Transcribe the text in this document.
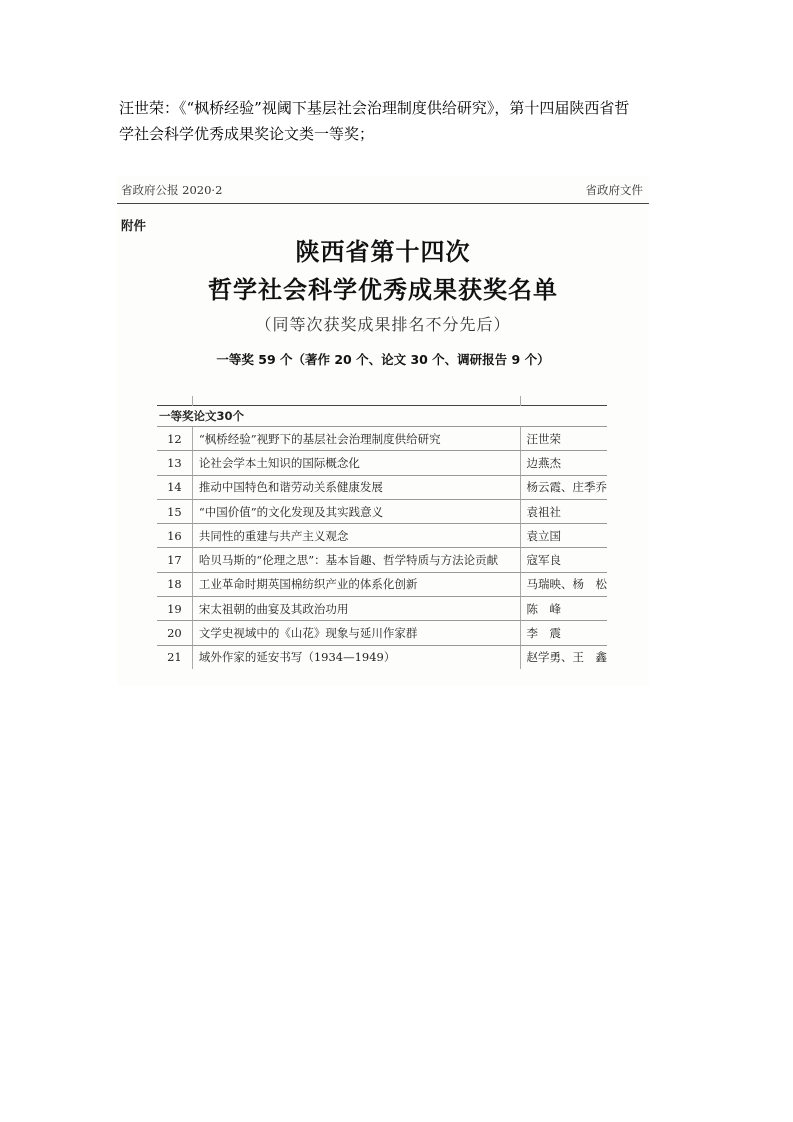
汪世荣：《“枫桥经验”视阈下基层社会治理制度供给研究》，第十四届陕西省哲
学社会科学优秀成果奖论文类一等奖；

省政府公报 2020·2	省政府文件
附件
陕西省第十四次
哲学社会科学优秀成果获奖名单
（同等次获奖成果排名不分先后）
一等奖 59 个（著作 20 个、论文 30 个、调研报告 9 个）

一等奖论文30个		
12	“枫桥经验”视野下的基层社会治理制度供给研究	汪世荣
13	论社会学本土知识的国际概念化	边燕杰
14	推动中国特色和谐劳动关系健康发展	杨云霞、庄季乔
15	“中国价值”的文化发现及其实践意义	袁祖社
16	共同性的重建与共产主义观念	袁立国
17	哈贝马斯的“伦理之思”：基本旨趣、哲学特质与方法论贡献	寇军良
18	工业革命时期英国棉纺织产业的体系化创新	马瑞映、杨　松
19	宋太祖朝的曲宴及其政治功用	陈　峰
20	文学史视域中的《山花》现象与延川作家群	李　震
21	域外作家的延安书写（1934—1949）	赵学勇、王　鑫
